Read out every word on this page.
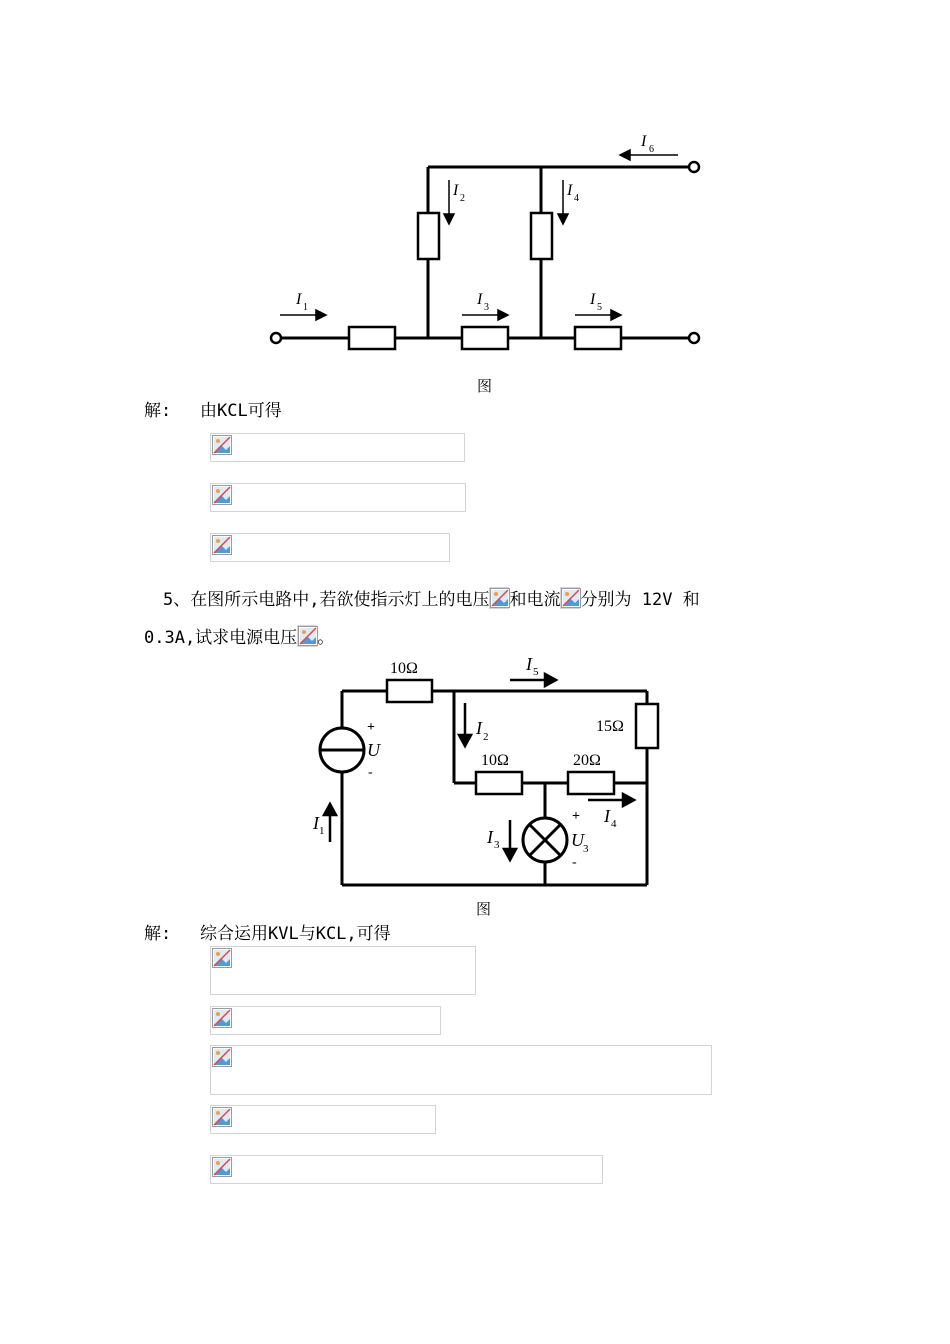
I 6
I 2	I 4
I 1	I 3	I 5
图
解: 由KCL可得
5、在图所示电路中,若欲使指示灯上的电压 和电流 分别为 12V 和
0.3A,试求电源电压 。
10Ω	I 5
I 2
15Ω
10Ω	20Ω
+
U
-
I 1	I 3
+
U 3
-
I 4
图
解: 综合运用KVL与KCL,可得
